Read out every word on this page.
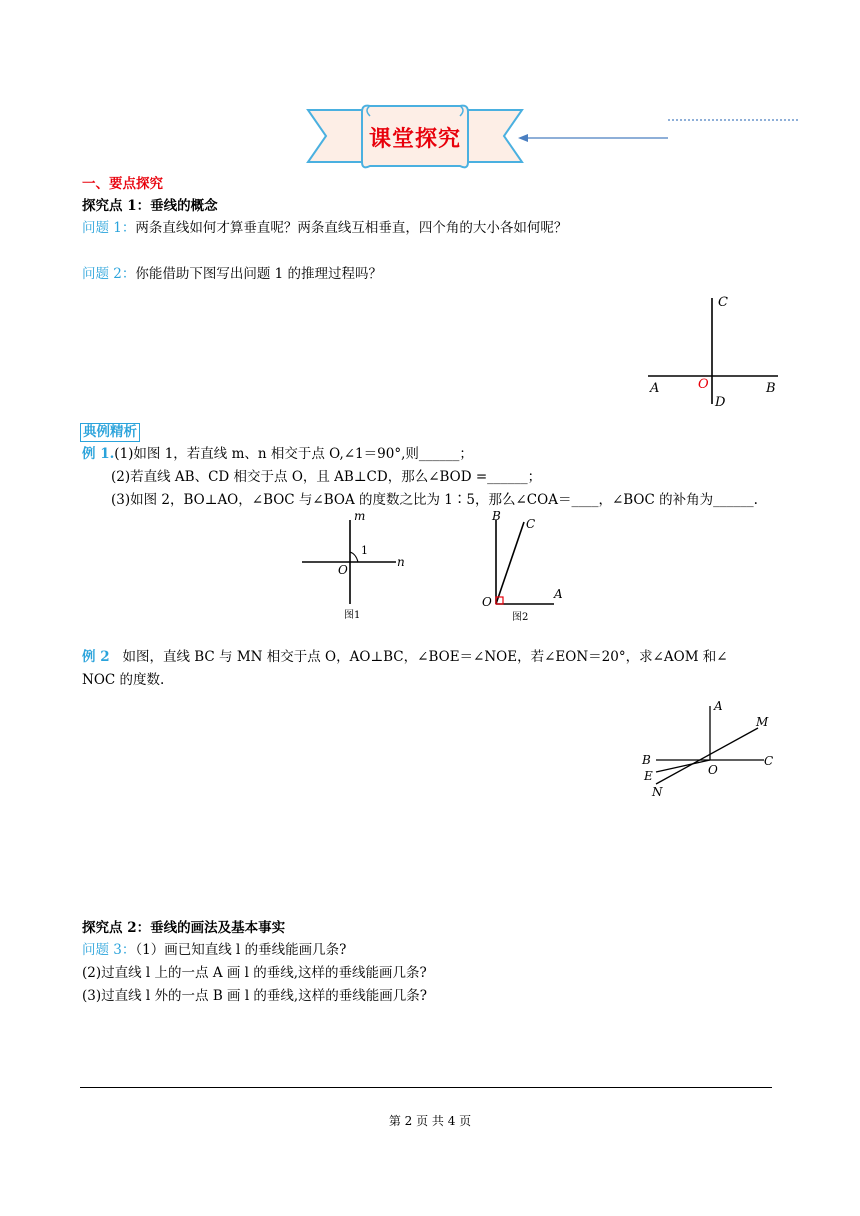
课堂探究
一、要点探究
探究点 1：垂线的概念
问题 1：两条直线如何才算垂直呢？两条直线互相垂直，四个角的大小各如何呢？
问题 2：你能借助下图写出问题 1 的推理过程吗？
C
A	B
O
D
典例精析
例 1.(1)如图 1，若直线 m、n 相交于点 O,∠1＝90°,则______；
(2)若直线 AB、CD 相交于点 O，且 AB⊥CD，那么∠BOD =______；
(3)如图 2，BO⊥AO，∠BOC 与∠BOA 的度数之比为 1∶5，那么∠COA＝____，∠BOC 的补角为______.
m
n
O
1
图1
B
C
O
A
图2
例 2 如图，直线 BC 与 MN 相交于点 O，AO⊥BC，∠BOE＝∠NOE，若∠EON＝20°，求∠AOM 和∠
NOC 的度数.
A
M
B	C
E	O
N
探究点 2：垂线的画法及基本事实
问题 3：（1）画已知直线 l 的垂线能画几条?
(2)过直线 l 上的一点 A 画 l 的垂线,这样的垂线能画几条?
(3)过直线 l 外的一点 B 画 l 的垂线,这样的垂线能画几条?
第 2 页 共 4 页
